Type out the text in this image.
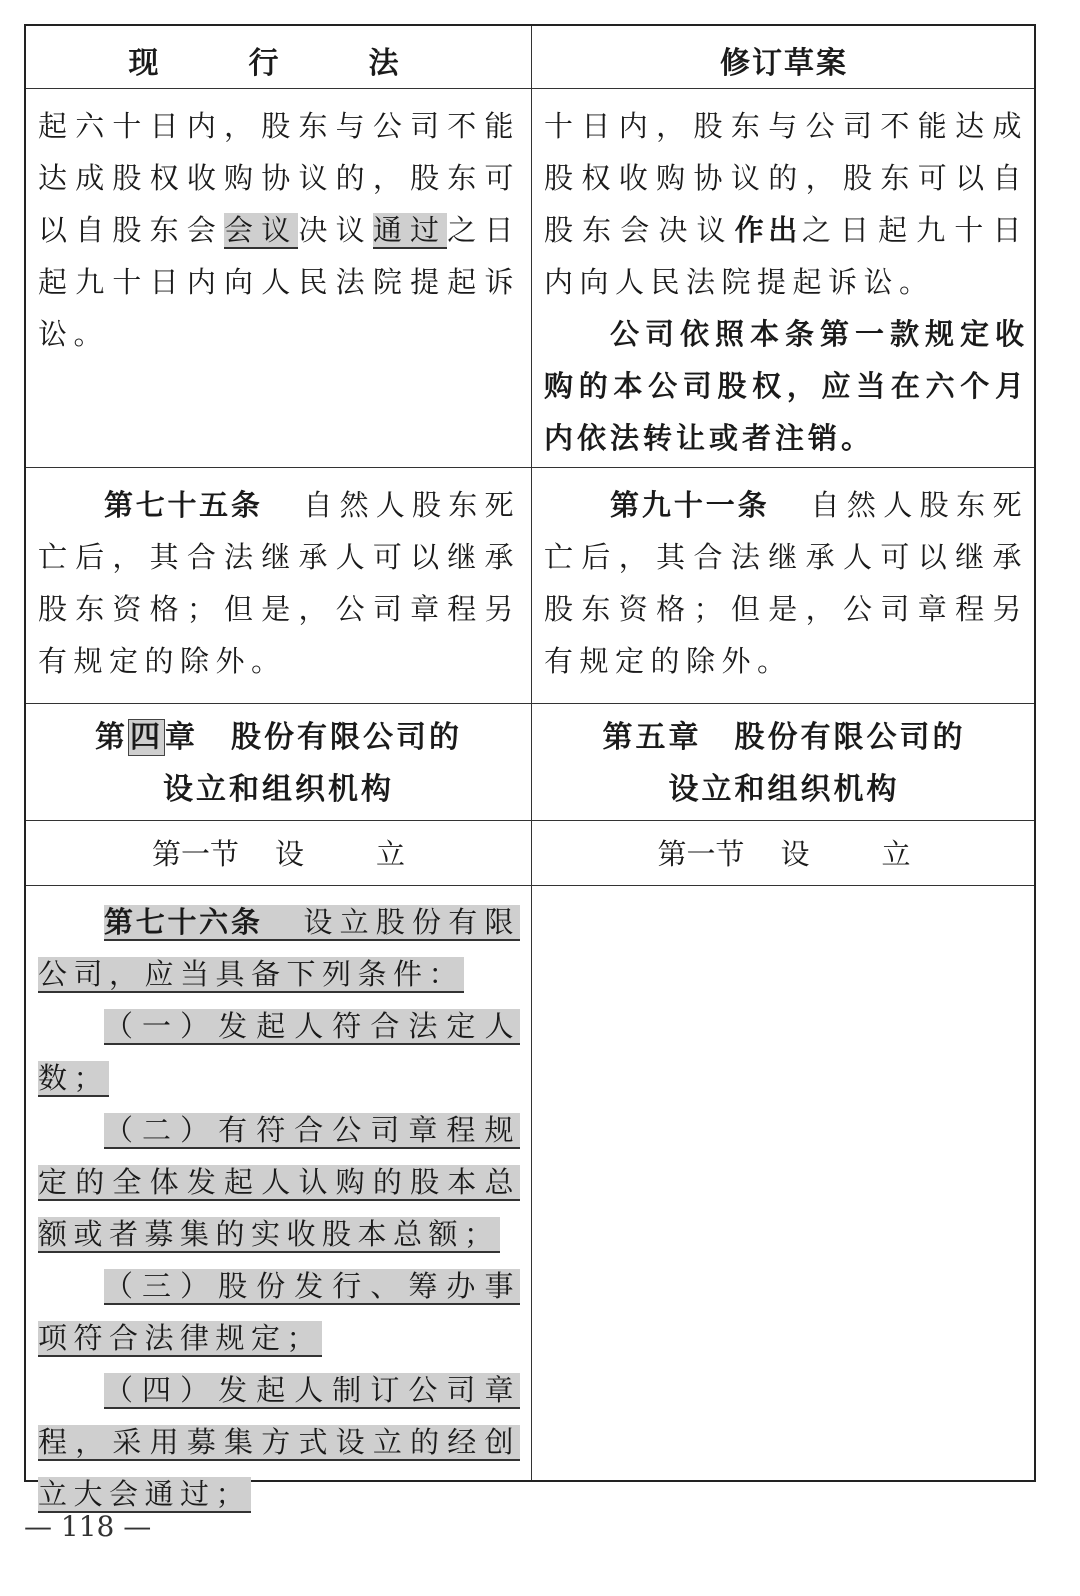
现　行　法	修订草案

起六十日内，股东与公司不能达成股权收购协议的，股东可以自股东会会议决议通过之日起九十日内向人民法院提起诉讼。

十日内，股东与公司不能达成股权收购协议的，股东可以自股东会决议作出之日起九十日内向人民法院提起诉讼。

公司依照本条第一款规定收购的本公司股权，应当在六个月内依法转让或者注销。

第七十五条 自然人股东死亡后，其合法继承人可以继承股东资格；但是，公司章程另有规定的除外。

第九十一条 自然人股东死亡后，其合法继承人可以继承股东资格；但是，公司章程另有规定的除外。

第四章　股份有限公司的
设立和组织机构
第五章　股份有限公司的
设立和组织机构
第一节 设 立	第一节 设 立

第七十六条 设立股份有限公司，应当具备下列条件：

（一）发起人符合法定人数；

（二）有符合公司章程规定的全体发起人认购的股本总额或者募集的实收股本总额；

（三）股份发行、筹办事项符合法律规定；

（四）发起人制订公司章程，采用募集方式设立的经创立大会通过；

— 118 —
